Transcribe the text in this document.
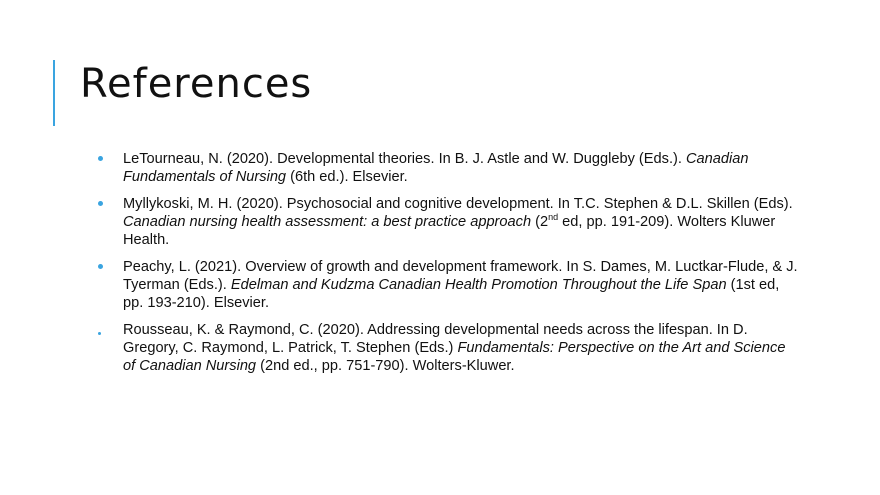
References
LeTourneau, N. (2020). Developmental theories. In B. J. Astle and W. Duggleby (Eds.). Canadian Fundamentals of Nursing (6th ed.). Elsevier.
Myllykoski, M. H. (2020). Psychosocial and cognitive development. In T.C. Stephen & D.L. Skillen (Eds). Canadian nursing health assessment: a best practice approach (2nd ed, pp. 191-209). Wolters Kluwer Health.
Peachy, L. (2021). Overview of growth and development framework. In S. Dames, M. Luctkar-Flude, & J. Tyerman (Eds.). Edelman and Kudzma Canadian Health Promotion Throughout the Life Span (1st ed, pp. 193-210). Elsevier.
Rousseau, K. & Raymond, C. (2020). Addressing developmental needs across the lifespan. In D. Gregory, C. Raymond, L. Patrick, T. Stephen (Eds.) Fundamentals: Perspective on the Art and Science of Canadian Nursing (2nd ed., pp. 751-790). Wolters-Kluwer.
